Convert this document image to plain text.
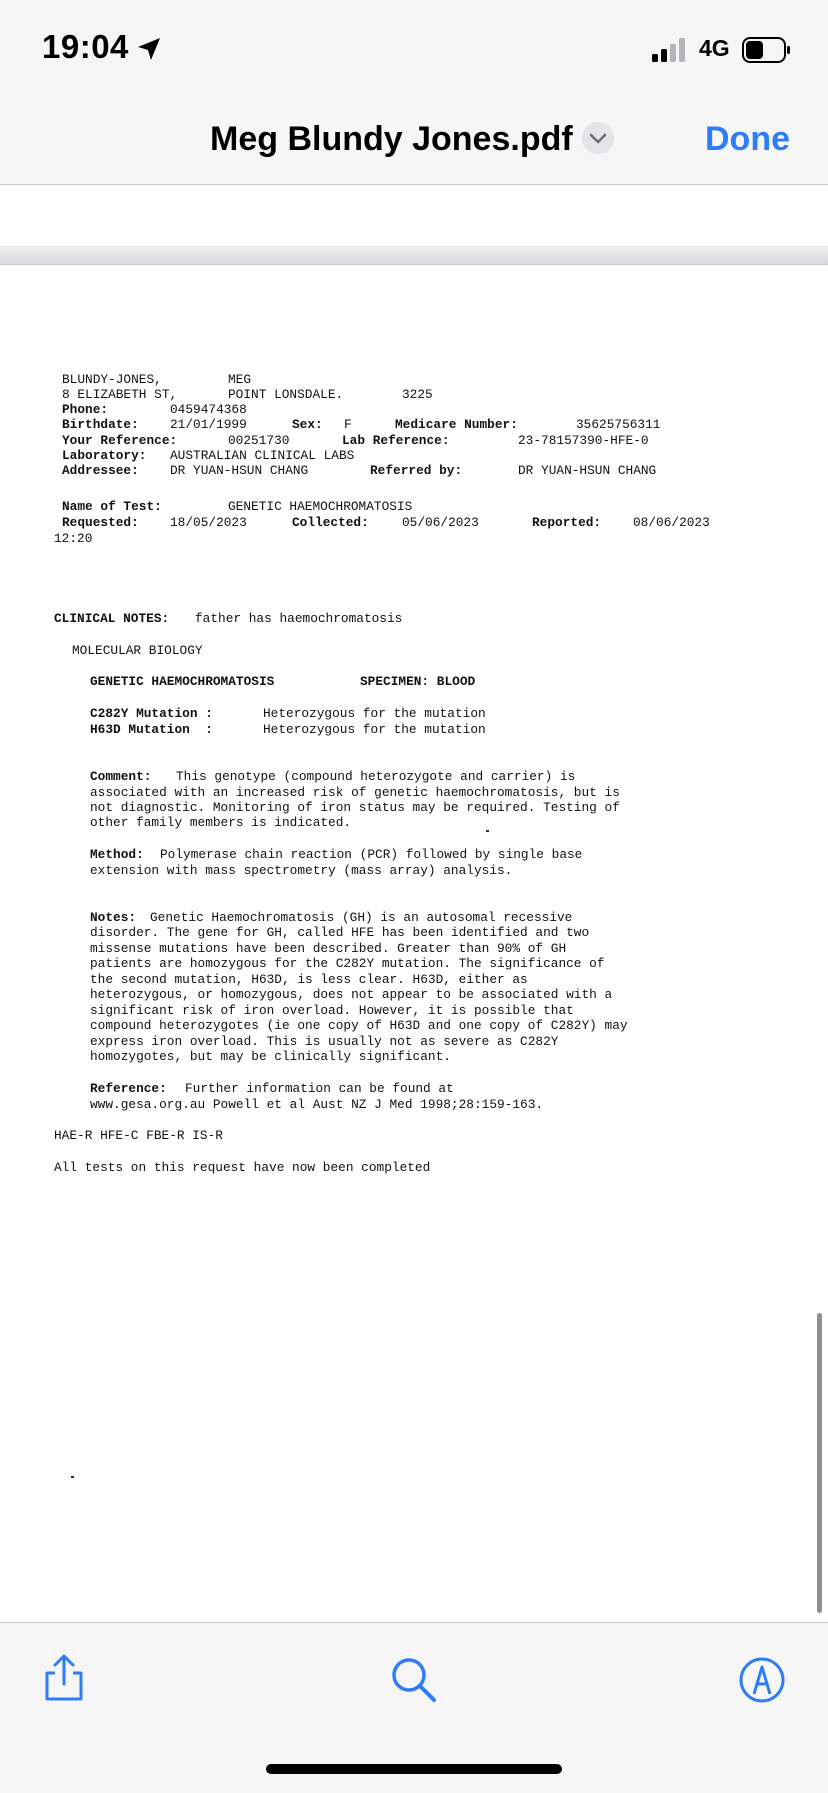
19:04	4G
Meg Blundy Jones.pdf	Done
BLUNDY-JONES,	MEG
8 ELIZABETH ST,	POINT LONSDALE.	3225
Phone:	0459474368
Birthdate: 21/01/1999	Sex: F	Medicare Number:	35625756311
Your Reference:	00251730	Lab Reference:	23-78157390-HFE-0
Laboratory: AUSTRALIAN CLINICAL LABS
Addressee: DR YUAN-HSUN CHANG	Referred by:	DR YUAN-HSUN CHANG
Name of Test:	GENETIC HAEMOCHROMATOSIS
Requested: 18/05/2023	Collected:	05/06/2023	Reported: 08/06/2023
12:20
CLINICAL NOTES: father has haemochromatosis
MOLECULAR BIOLOGY
GENETIC HAEMOCHROMATOSIS	SPECIMEN: BLOOD
C282Y Mutation :	Heterozygous for the mutation
H63D Mutation  :	Heterozygous for the mutation
Comment: This genotype (compound heterozygote and carrier) is
associated with an increased risk of genetic haemochromatosis, but is
not diagnostic. Monitoring of iron status may be required. Testing of
other family members is indicated.
Method: Polymerase chain reaction (PCR) followed by single base
extension with mass spectrometry (mass array) analysis.
Notes: Genetic Haemochromatosis (GH) is an autosomal recessive
disorder. The gene for GH, called HFE has been identified and two
missense mutations have been described. Greater than 90% of GH
patients are homozygous for the C282Y mutation. The significance of
the second mutation, H63D, is less clear. H63D, either as
heterozygous, or homozygous, does not appear to be associated with a
significant risk of iron overload. However, it is possible that
compound heterozygotes (ie one copy of H63D and one copy of C282Y) may
express iron overload. This is usually not as severe as C282Y
homozygotes, but may be clinically significant.
Reference: Further information can be found at
www.gesa.org.au Powell et al Aust NZ J Med 1998;28:159-163.
HAE-R HFE-C FBE-R IS-R
All tests on this request have now been completed
